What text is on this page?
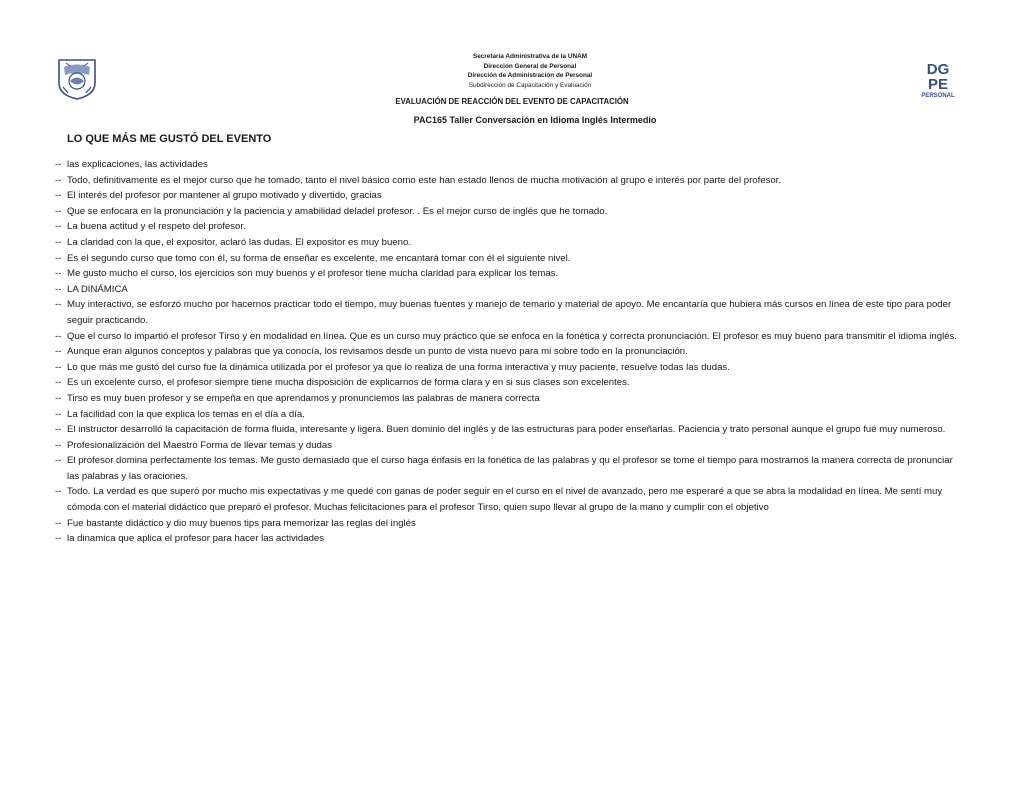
Secretaría Administrativa de la UNAM
Dirección General de Personal
Dirección de Administración de Personal
Subdirección de Capacitación y Evaluación
DG
PE
PERSONAL
EVALUACIÓN DE REACCIÓN DEL EVENTO DE CAPACITACIÓN
PAC165 Taller Conversación en Idioma Inglés Intermedio
LO QUE MÁS ME GUSTÓ DEL EVENTO
-- las explicaciones, las actividades
-- Todo, definitivamente es el mejor curso que he tomado, tanto el nivel básico como este han estado llenos de mucha motivación al grupo e interés por parte del profesor.
-- El interés del profesor por mantener al grupo motivado y divertido, gracias
-- Que se enfocara en la pronunciación y la paciencia y amabilidad deladel profesor. . Es el mejor curso de inglés que he tomado.
-- La buena actitud y el respeto del profesor.
-- La claridad con la que, el expositor, aclaró las dudas. El expositor es muy bueno.
-- Es el segundo curso que tomo con él, su forma de enseñar es excelente, me encantará tomar con él el siguiente nivel.
-- Me gusto mucho el curso, los ejercicios son muy buenos y el profesor tiene mucha claridad para explicar los temas.
-- LA DINÁMICA
-- Muy interactivo, se esforzó mucho por hacernos practicar todo el tiempo, muy buenas fuentes y manejo de temario y material de apoyo. Me encantaría que hubiera más cursos en línea de este tipo para poder seguir practicando.
-- Que el curso lo impartió el profesor Tirso y en modalidad en línea. Que es un curso muy práctico que se enfoca en la fonética y correcta pronunciación. El profesor es muy bueno para transmitir el idioma inglés.
-- Aunque eran algunos conceptos y palabras que ya conocía, los revisamos desde un punto de vista nuevo para mi sobre todo en la pronunciación.
-- Lo que más me gustó del curso fue la dinámica utilizada por el profesor ya que lo realiza de una forma interactiva y muy paciente, resuelve todas las dudas.
-- Es un excelente curso, el profesor siempre tiene mucha disposición de explicarnos de forma clara y en si sus clases son excelentes.
-- Tirso es muy buen profesor y se empeña en que aprendamos y pronunciemos las palabras de manera correcta
-- La facilidad con la que explica los temas en el día a día.
-- El instructor desarrolló la capacitación de forma fluida, interesante y ligera. Buen dominio del inglés y de las estructuras para poder enseñarlas. Paciencia y trato personal aunque el grupo fué muy numeroso.
-- Profesionalización del Maestro Forma de llevar temas y dudas
-- El profesor domina perfectamente los temas. Me gusto demasiado que el curso haga énfasis en la fonética de las palabras y qu el profesor se tome el tiempo para mostrarnos la manera correcta de pronunciar las palabras y las oraciones.
-- Todo. La verdad es que superó por mucho mis expectativas y me quedé con ganas de poder seguir en el curso en el nivel de avanzado, pero me esperaré a que se abra la modalidad en línea. Me sentí muy cómoda con el material didáctico que preparó el profesor. Muchas felicitaciones para el profesor Tirso, quien supo llevar al grupo de la mano y cumplir con el objetivo
-- Fue bastante didáctico y dio muy buenos tips para memorizar las reglas del inglés
-- la dinamica que aplica el profesor para hacer las actividades
